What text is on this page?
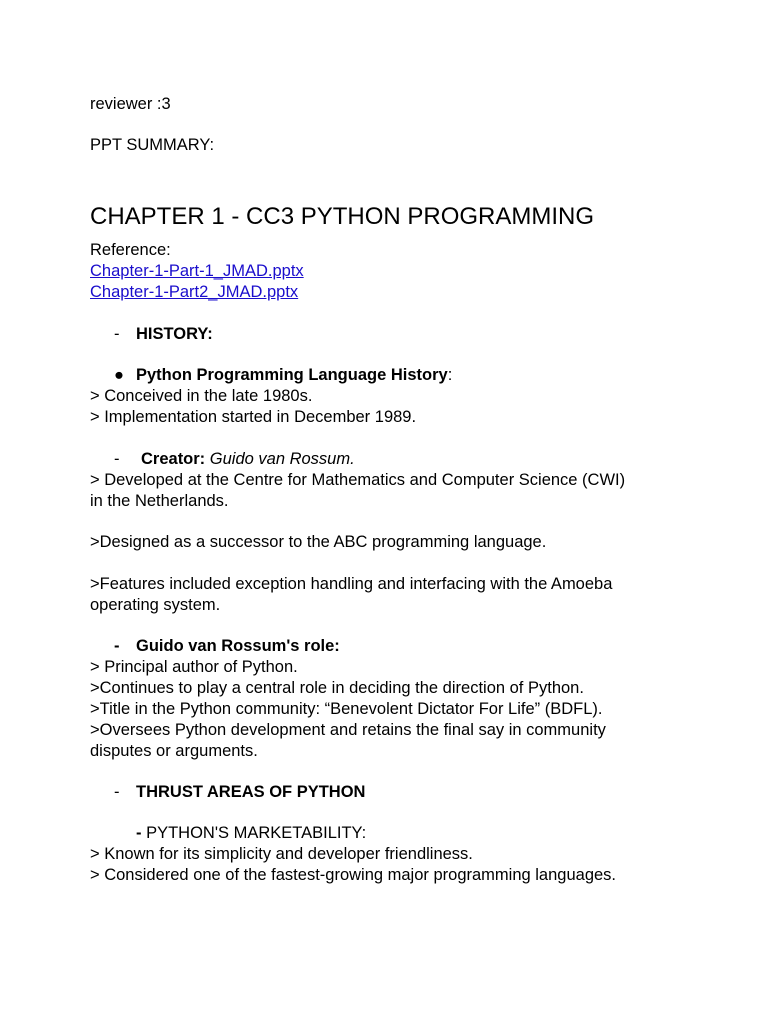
reviewer :3
PPT SUMMARY:
CHAPTER 1 - CC3 PYTHON PROGRAMMING
Reference:
Chapter-1-Part-1_JMAD.pptx
Chapter-1-Part2_JMAD.pptx
- HISTORY:
● Python Programming Language History:
> Conceived in the late 1980s.
> Implementation started in December 1989.
- Creator: Guido van Rossum.
> Developed at the Centre for Mathematics and Computer Science (CWI)
in the Netherlands.
>Designed as a successor to the ABC programming language.
>Features included exception handling and interfacing with the Amoeba
operating system.
- Guido van Rossum's role:
> Principal author of Python.
>Continues to play a central role in deciding the direction of Python.
>Title in the Python community: “Benevolent Dictator For Life” (BDFL).
>Oversees Python development and retains the final say in community
disputes or arguments.
- THRUST AREAS OF PYTHON
- PYTHON'S MARKETABILITY:
> Known for its simplicity and developer friendliness.
> Considered one of the fastest-growing major programming languages.
